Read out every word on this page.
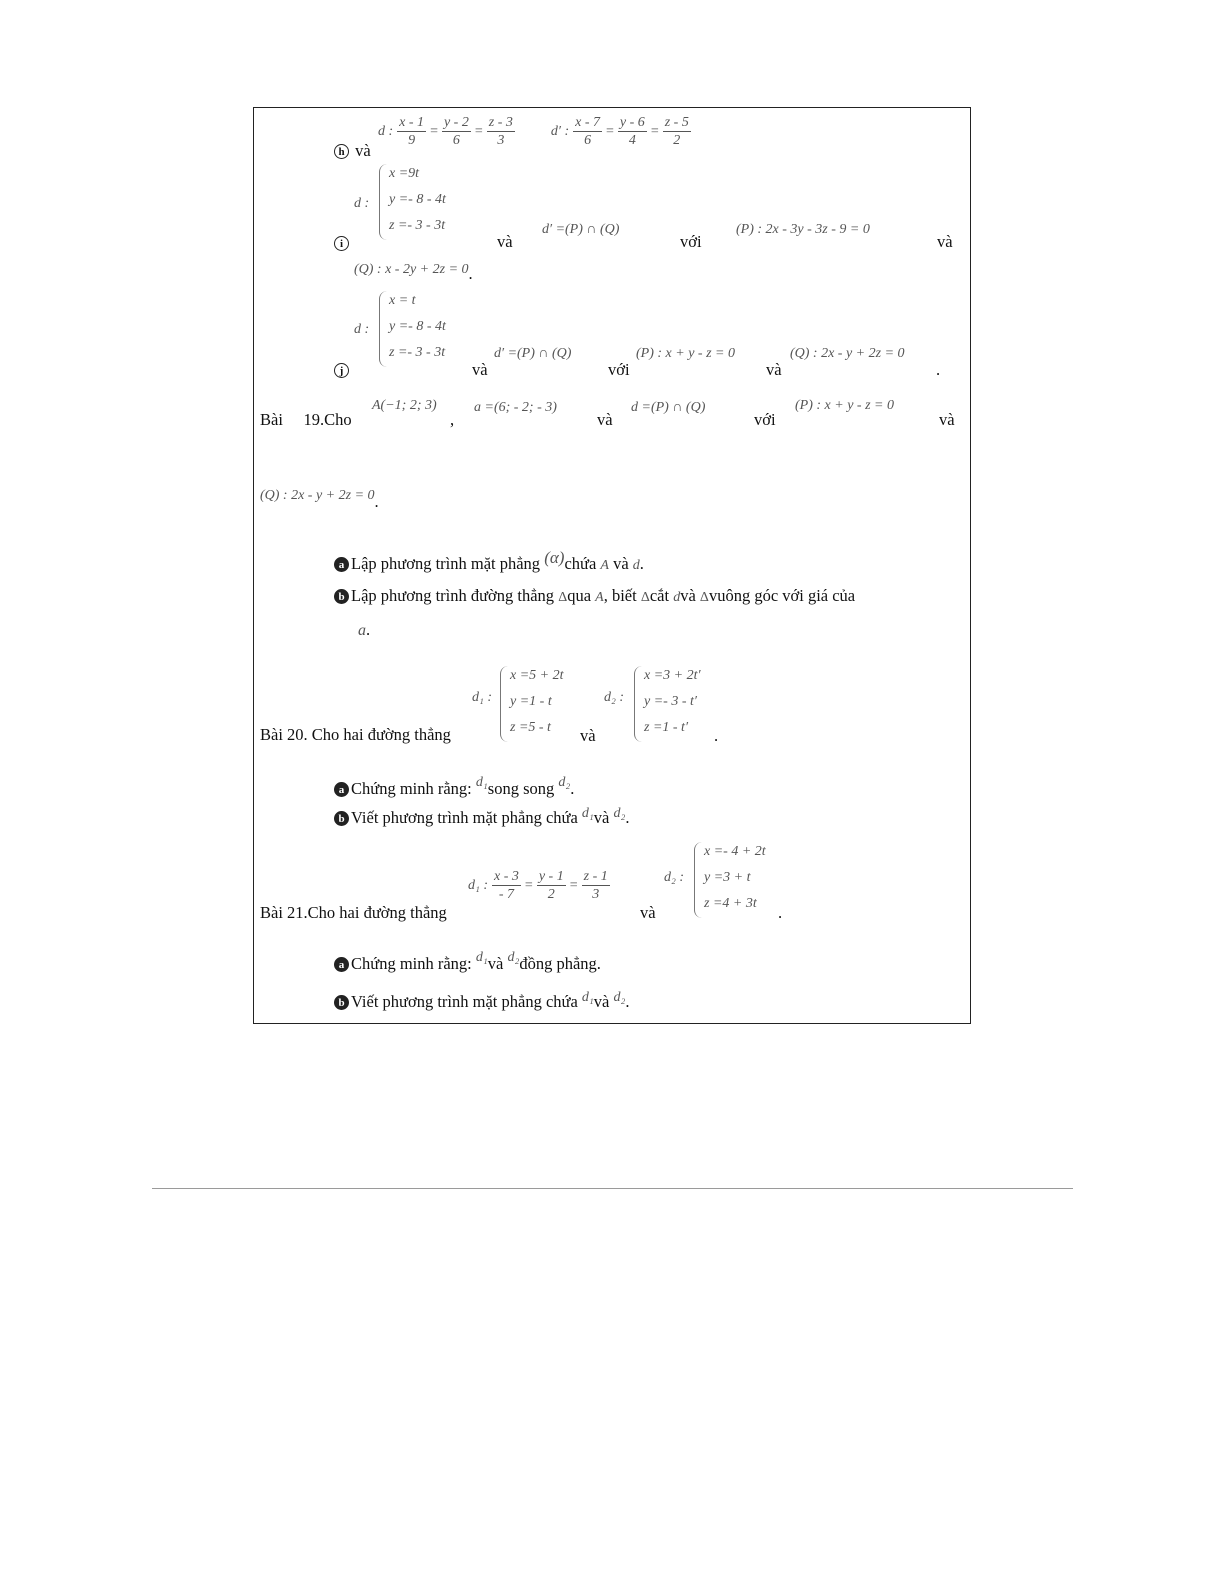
d : $\frac{x - 1}{9} = \frac{y - 2}{6} = \frac{z - 3}{3}$	d′ : $\frac{x - 7}{6} = \frac{y - 6}{4} = \frac{z - 5}{2}$
h và
d :
x =9t
y =- 8 - 4t
z =- 3 - 3t
i	và
d′ =(P) ∩ (Q)
với
(P) : 2x - 3y - 3z - 9 = 0
và
(Q) : x - 2y + 2z = 0.
d :
x = t
y =- 8 - 4t
z =- 3 - 3t
j	và
d′ =(P) ∩ (Q)
với
(P) : x + y - z = 0
và
(Q) : 2x - y + 2z = 0
.
Bài     19.Cho
A(−1; 2; 3)
,
a =(6; - 2; - 3)
và
d =(P) ∩ (Q)
với
(P) : x + y - z = 0
và
(Q) : 2x - y + 2z = 0.
a Lập phương trình mặt phẳng (α)chứa A và d.
b Lập phương trình đường thẳng Δqua A, biết Δcắt dvà Δvuông góc với giá của
a.
d₁ :
x =5 + 2t
y =1 - t
z =5 - t
d₂ :
x =3 + 2t′
y =- 3 - t′
z =1 - t′
Bài 20. Cho hai đường thẳng	và	.
a Chứng minh rằng: $^{d_1}$song song $^{d_2}$.
b Viết phương trình mặt phẳng chứa $^{d_1}$và $^{d_2}$.
d₁ : $\frac{x - 3}{- 7} = \frac{y - 1}{2} = \frac{z - 1}{3}$	d₂ :
x =- 4 + 2t
y =3 + t
z =4 + 3t
Bài 21.Cho hai đường thẳng	và	.
a Chứng minh rằng: $^{d_1}$và $^{d_2}$đồng phẳng.
b Viết phương trình mặt phẳng chứa $^{d_1}$và $^{d_2}$.
